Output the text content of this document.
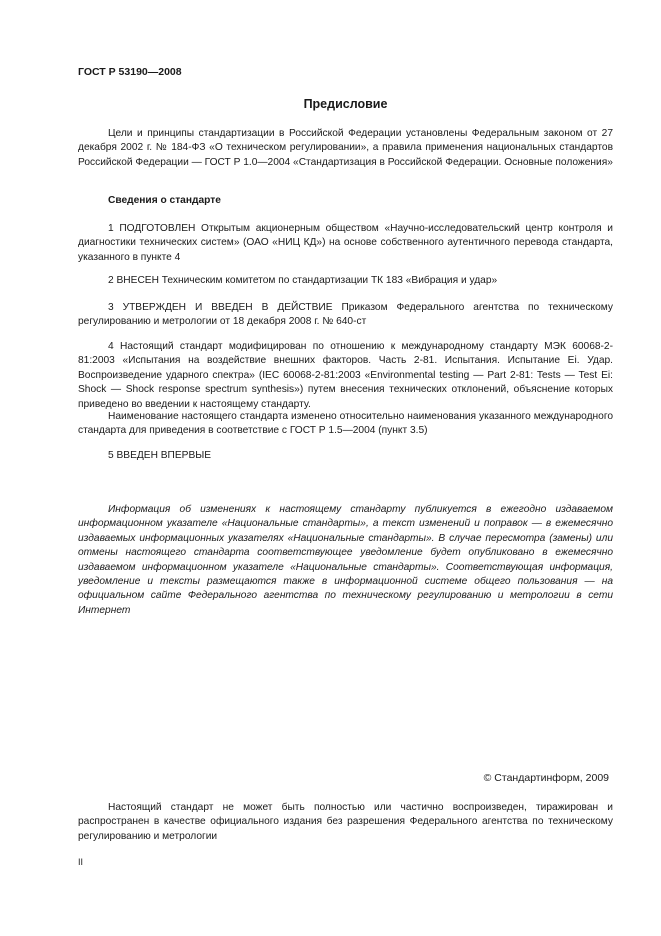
ГОСТ Р 53190—2008
Предисловие

Цели и принципы стандартизации в Российской Федерации установлены Федеральным законом от 27 декабря 2002 г. № 184-ФЗ «О техническом регулировании», а правила применения национальных стандартов Российской Федерации — ГОСТ Р 1.0—2004 «Стандартизация в Российской Федерации. Основные положения»

Сведения о стандарте

1 ПОДГОТОВЛЕН Открытым акционерным обществом «Научно-исследовательский центр контроля и диагностики технических систем» (ОАО «НИЦ КД») на основе собственного аутентичного перевода стандарта, указанного в пункте 4

2 ВНЕСЕН Техническим комитетом по стандартизации ТК 183 «Вибрация и удар»

3 УТВЕРЖДЕН И ВВЕДЕН В ДЕЙСТВИЕ Приказом Федерального агентства по техническому регулированию и метрологии от 18 декабря 2008 г. № 640-ст

4 Настоящий стандарт модифицирован по отношению к международному стандарту МЭК 60068-2-81:2003 «Испытания на воздействие внешних факторов. Часть 2-81. Испытания. Испытание Ei. Удар. Воспроизведение ударного спектра» (IEC 60068-2-81:2003 «Environmental testing — Part 2-81: Tests — Test Ei: Shock — Shock response spectrum synthesis») путем внесения технических отклонений, объяснение которых приведено во введении к настоящему стандарту.

Наименование настоящего стандарта изменено относительно наименования указанного международного стандарта для приведения в соответствие с ГОСТ Р 1.5—2004 (пункт 3.5)

5 ВВЕДЕН ВПЕРВЫЕ

Информация об изменениях к настоящему стандарту публикуется в ежегодно издаваемом информационном указателе «Национальные стандарты», а текст изменений и поправок — в ежемесячно издаваемых информационных указателях «Национальные стандарты». В случае пересмотра (замены) или отмены настоящего стандарта соответствующее уведомление будет опубликовано в ежемесячно издаваемом информационном указателе «Национальные стандарты». Соответствующая информация, уведомление и тексты размещаются также в информационной системе общего пользования — на официальном сайте Федерального агентства по техническому регулированию и метрологии в сети Интернет

© Стандартинформ, 2009

Настоящий стандарт не может быть полностью или частично воспроизведен, тиражирован и распространен в качестве официального издания без разрешения Федерального агентства по техническому регулированию и метрологии

II
